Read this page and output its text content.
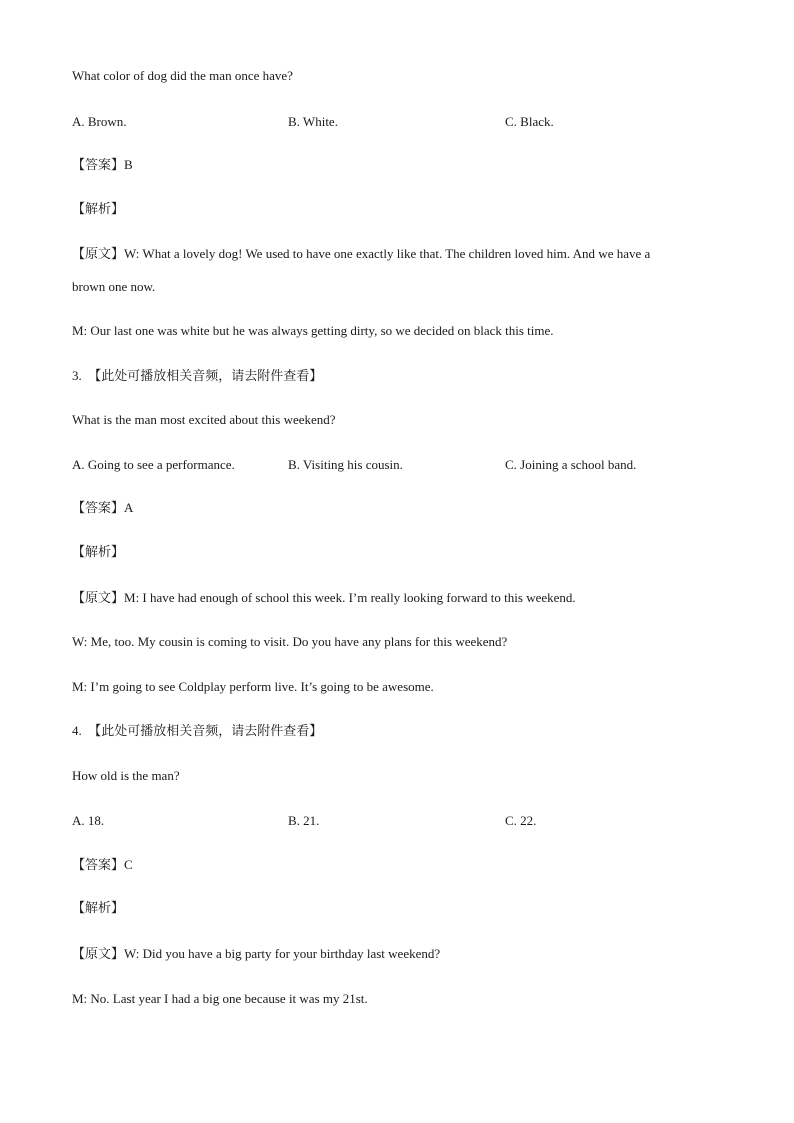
What color of dog did the man once have?
A. Brown.	B. White.	C. Black.
【答案】B
【解析】
【原文】W: What a lovely dog! We used to have one exactly like that. The children loved him. And we have a
brown one now.
M: Our last one was white but he was always getting dirty, so we decided on black this time.
3. 【此处可播放相关音频，请去附件查看】
What is the man most excited about this weekend?
A. Going to see a performance.	B. Visiting his cousin.	C. Joining a school band.
【答案】A
【解析】
【原文】M: I have had enough of school this week. I’m really looking forward to this weekend.
W: Me, too. My cousin is coming to visit. Do you have any plans for this weekend?
M: I’m going to see Coldplay perform live. It’s going to be awesome.
4. 【此处可播放相关音频，请去附件查看】
How old is the man?
A. 18.	B. 21.	C. 22.
【答案】C
【解析】
【原文】W: Did you have a big party for your birthday last weekend?
M: No. Last year I had a big one because it was my 21st.
